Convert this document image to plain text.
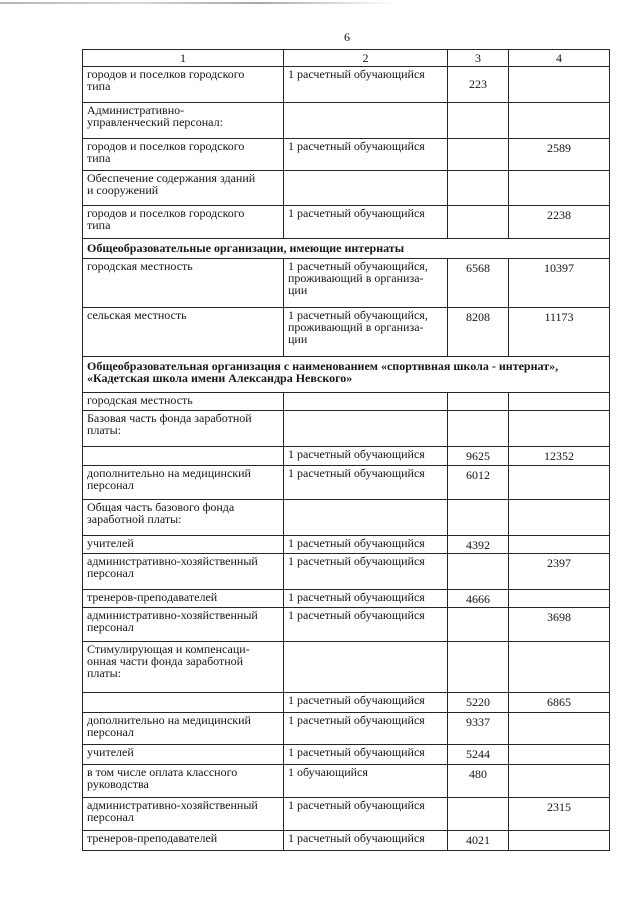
6
1	2	3	4
городов и поселков городского
типа	1 расчетный обучающийся	223	
Административно-
управленческий персонал:			
городов и поселков городского
типа	1 расчетный обучающийся		2589
Обеспечение содержания зданий
и сооружений			
городов и поселков городского
типа	1 расчетный обучающийся		2238
Общеобразовательные организации, имеющие интернаты			
городская местность	1 расчетный обучающийся,
проживающий в организа-
ции	6568	10397
сельская местность	1 расчетный обучающийся,
проживающий в организа-
ции	8208	11173
Общеобразовательная организация с наименованием «спортивная школа - интернат»,
«Кадетская школа имени Александра Невского»			
городская местность			
Базовая часть фонда заработной
платы:			
	1 расчетный обучающийся	9625	12352
дополнительно на медицинский
персонал	1 расчетный обучающийся	6012	
Общая часть базового фонда
заработной платы:			
учителей	1 расчетный обучающийся	4392	
административно-хозяйственный
персонал	1 расчетный обучающийся		2397
тренеров-преподавателей	1 расчетный обучающийся	4666	
административно-хозяйственный
персонал	1 расчетный обучающийся		3698
Стимулирующая и компенсаци-
онная части фонда заработной
платы:			
	1 расчетный обучающийся	5220	6865
дополнительно на медицинский
персонал	1 расчетный обучающийся	9337	
учителей	1 расчетный обучающийся	5244	
в том числе оплата классного
руководства	1 обучающийся	480	
административно-хозяйственный
персонал	1 расчетный обучающийся		2315
тренеров-преподавателей	1 расчетный обучающийся	4021	
